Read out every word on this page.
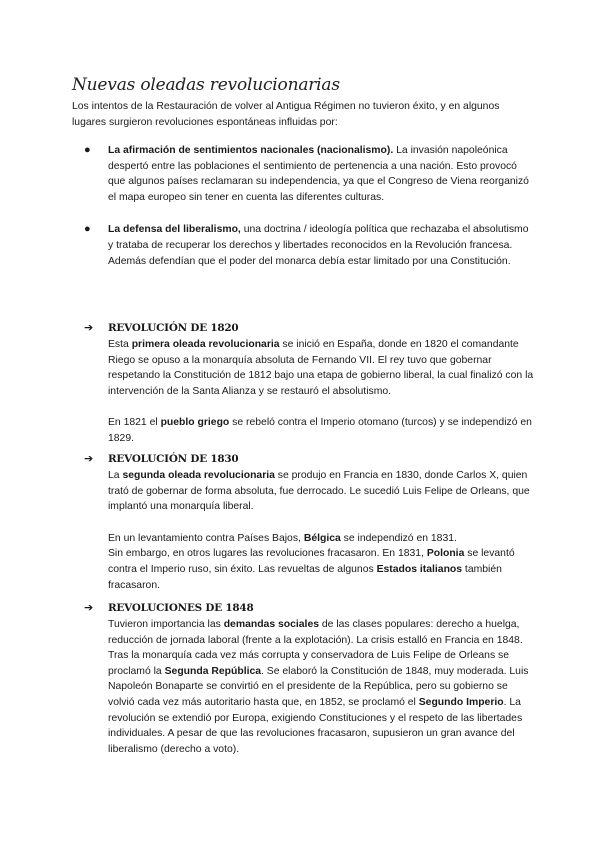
Nuevas oleadas revolucionarias

Los intentos de la Restauración de volver al Antigua Régimen no tuvieron éxito, y en algunos lugares surgieron revoluciones espontáneas influidas por:

● La afirmación de sentimientos nacionales (nacionalismo). La invasión napoleónica despertó entre las poblaciones el sentimiento de pertenencia a una nación. Esto provocó que algunos países reclamaran su independencia, ya que el Congreso de Viena reorganizó el mapa europeo sin tener en cuenta las diferentes culturas.
● La defensa del liberalismo, una doctrina / ideología política que rechazaba el absolutismo y trataba de recuperar los derechos y libertades reconocidos en la Revolución francesa. Además defendían que el poder del monarca debía estar limitado por una Constitución.
➔ REVOLUCIÓN DE 1820

Esta primera oleada revolucionaria se inició en España, donde en 1820 el comandante Riego se opuso a la monarquía absoluta de Fernando VII. El rey tuvo que gobernar respetando la Constitución de 1812 bajo una etapa de gobierno liberal, la cual finalizó con la intervención de la Santa Alianza y se restauró el absolutismo.

En 1821 el pueblo griego se rebeló contra el Imperio otomano (turcos) y se independizó en 1829.

➔ REVOLUCIÓN DE 1830

La segunda oleada revolucionaria se produjo en Francia en 1830, donde Carlos X, quien trató de gobernar de forma absoluta, fue derrocado. Le sucedió Luis Felipe de Orleans, que implantó una monarquía liberal.

En un levantamiento contra Países Bajos, Bélgica se independizó en 1831.
Sin embargo, en otros lugares las revoluciones fracasaron. En 1831, Polonia se levantó contra el Imperio ruso, sin éxito. Las revueltas de algunos Estados italianos también fracasaron.

➔ REVOLUCIONES DE 1848

Tuvieron importancia las demandas sociales de las clases populares: derecho a huelga, reducción de jornada laboral (frente a la explotación). La crisis estalló en Francia en 1848. Tras la monarquía cada vez más corrupta y conservadora de Luis Felipe de Orleans se proclamó la Segunda República. Se elaboró la Constitución de 1848, muy moderada. Luis Napoleón Bonaparte se convirtió en el presidente de la República, pero su gobierno se volvió cada vez más autoritario hasta que, en 1852, se proclamó el Segundo Imperio. La revolución se extendió por Europa, exigiendo Constituciones y el respeto de las libertades individuales. A pesar de que las revoluciones fracasaron, supusieron un gran avance del liberalismo (derecho a voto).
